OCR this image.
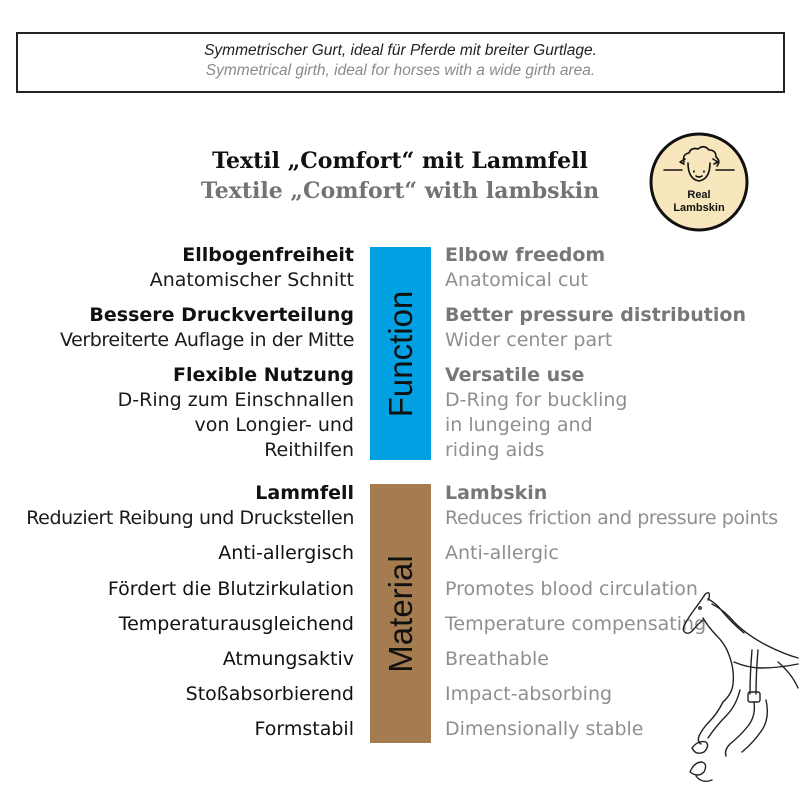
Symmetrischer Gurt, ideal für Pferde mit breiter Gurtlage.
Symmetrical girth, ideal for horses with a wide girth area.
Textil „Comfort“ mit Lammfell
Textile „Comfort“ with lambskin	Real
Lambskin
Function
Material
Ellbogenfreiheit
Anatomischer Schnitt
Bessere Druckverteilung
Verbreiterte Auflage in der Mitte
Flexible Nutzung
D-Ring zum Einschnallen
von Longier- und
Reithilfen
Lammfell
Reduziert Reibung und Druckstellen
Anti-allergisch
Fördert die Blutzirkulation
Temperaturausgleichend
Atmungsaktiv
Stoßabsorbierend
Formstabil
Elbow freedom
Anatomical cut
Better pressure distribution
Wider center part
Versatile use
D-Ring for buckling
in lungeing and
riding aids
Lambskin
Reduces friction and pressure points
Anti-allergic
Promotes blood circulation
Temperature compensating
Breathable
Impact-absorbing
Dimensionally stable
